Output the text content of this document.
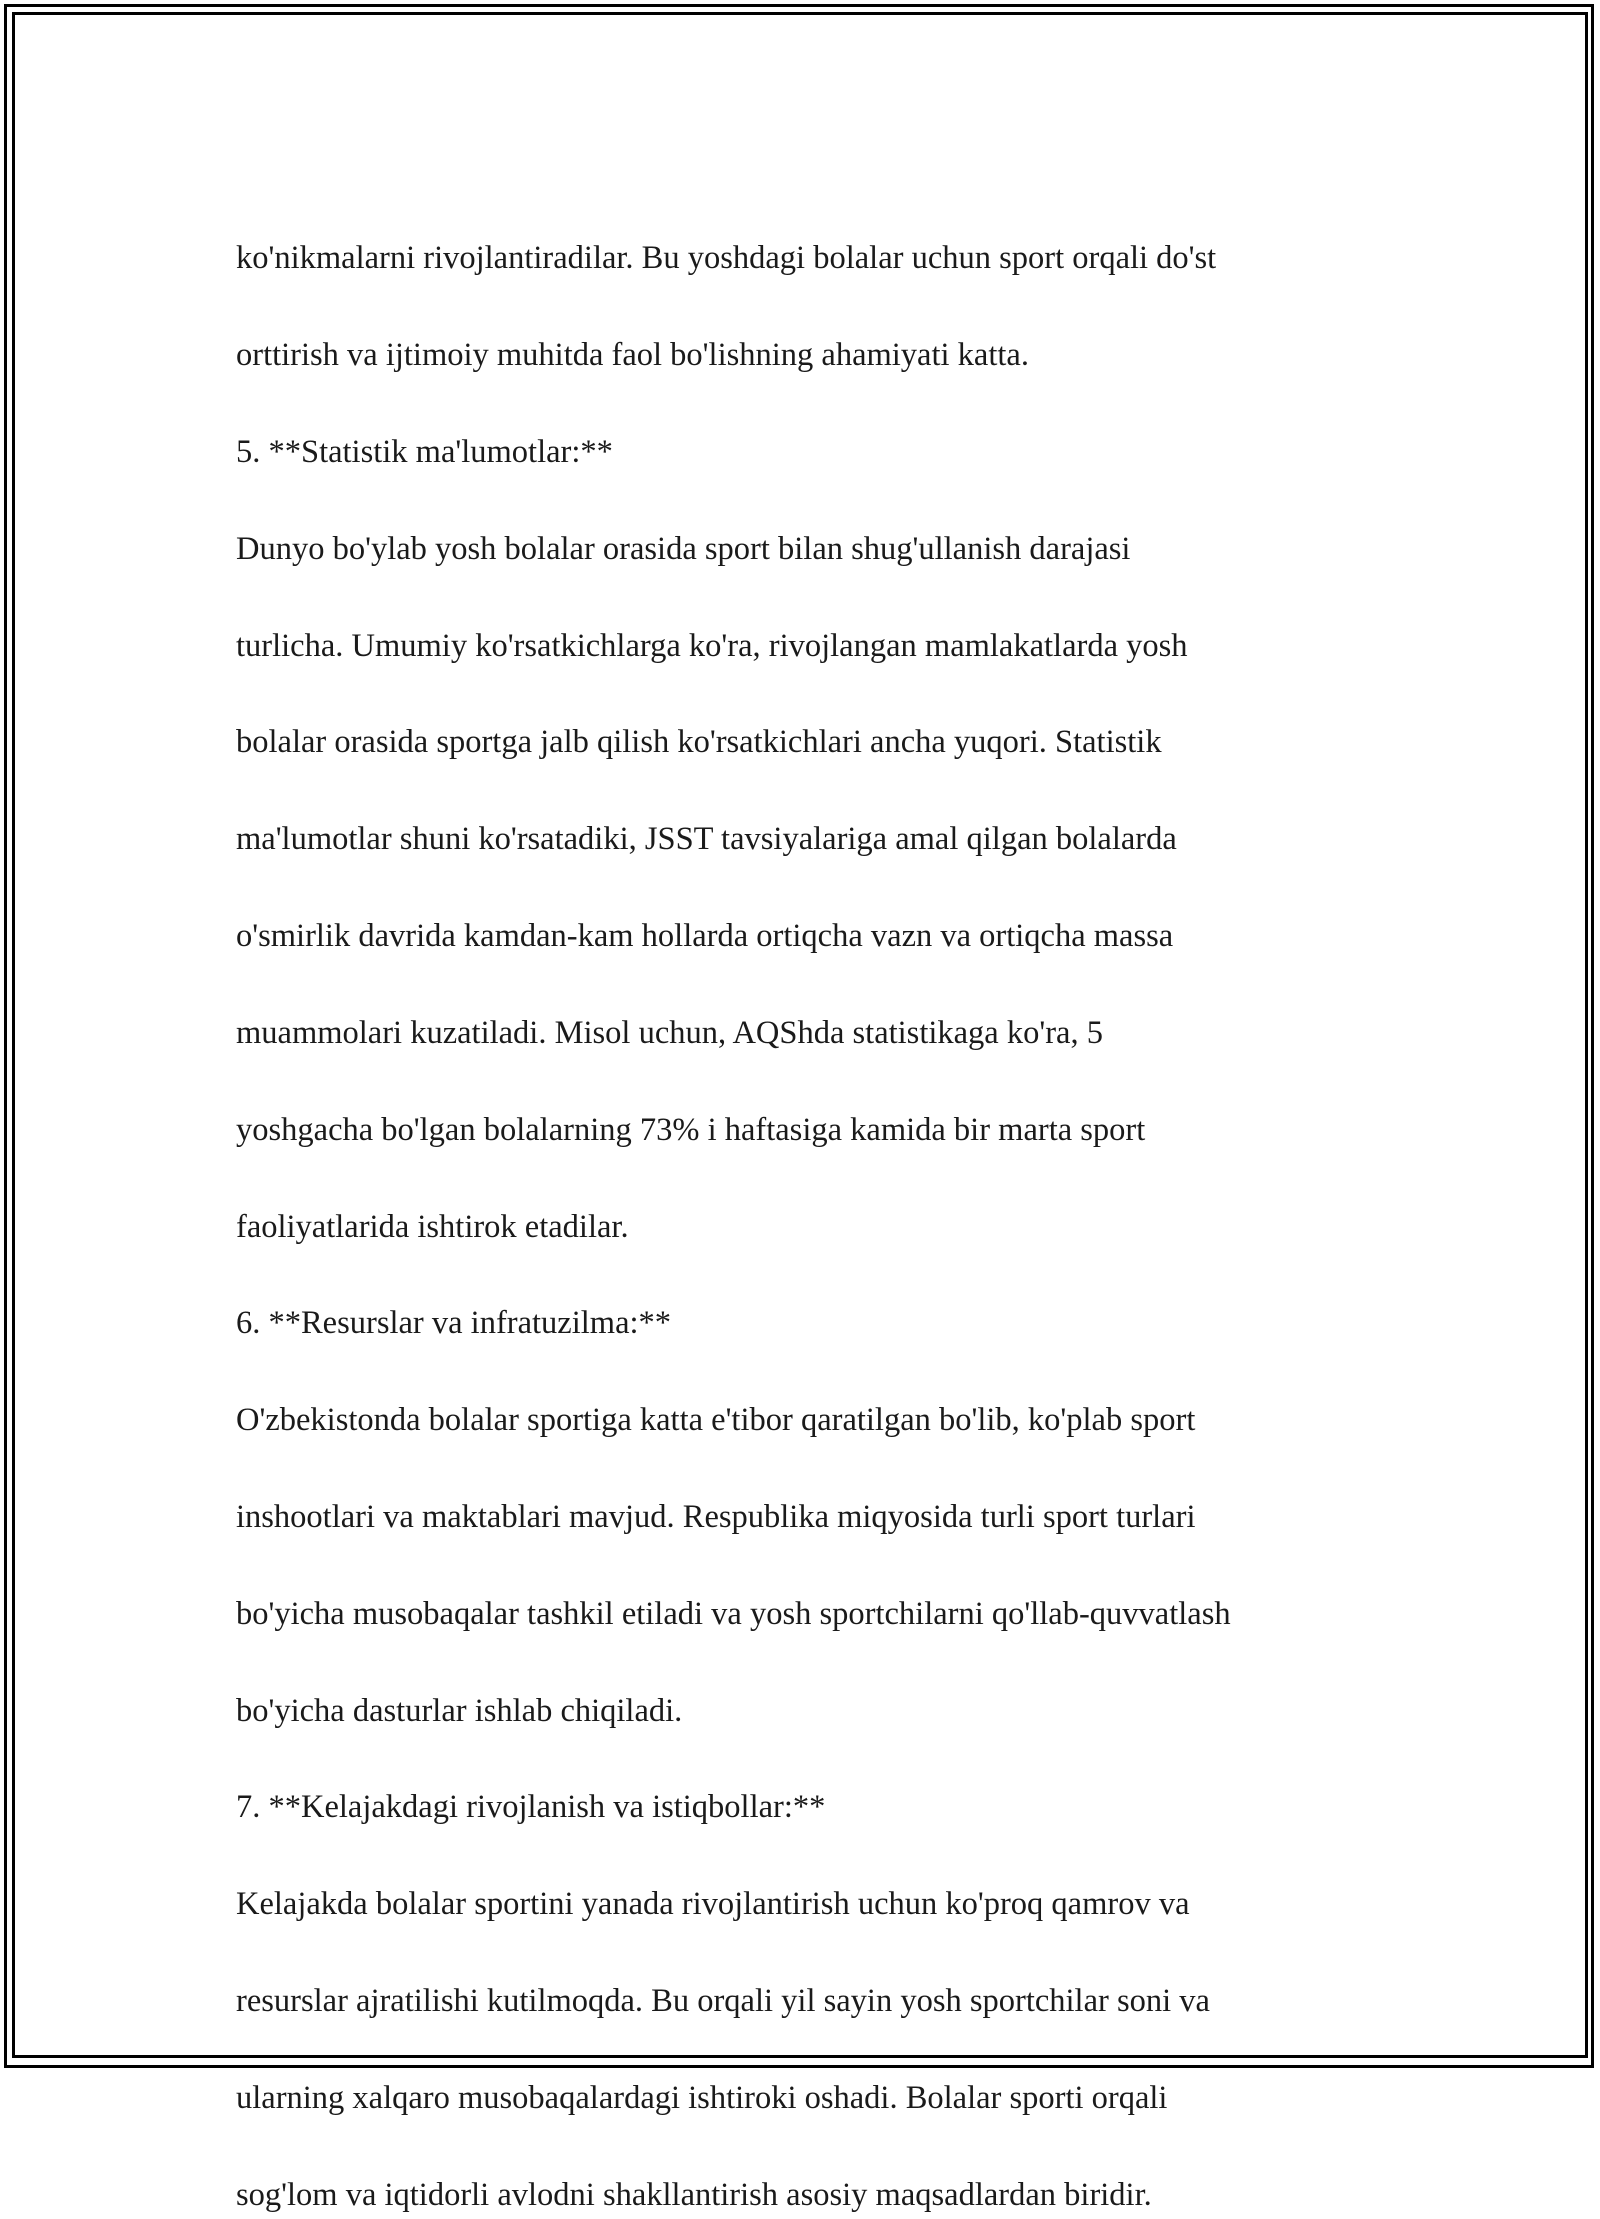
ko'nikmalarni rivojlantiradilar. Bu yoshdagi bolalar uchun sport orqali do'st

orttirish va ijtimoiy muhitda faol bo'lishning ahamiyati katta.

5. **Statistik ma'lumotlar:**

Dunyo bo'ylab yosh bolalar orasida sport bilan shug'ullanish darajasi

turlicha. Umumiy ko'rsatkichlarga ko'ra, rivojlangan mamlakatlarda yosh

bolalar orasida sportga jalb qilish ko'rsatkichlari ancha yuqori. Statistik

ma'lumotlar shuni ko'rsatadiki, JSST tavsiyalariga amal qilgan bolalarda

o'smirlik davrida kamdan-kam hollarda ortiqcha vazn va ortiqcha massa

muammolari kuzatiladi. Misol uchun, AQShda statistikaga ko'ra, 5

yoshgacha bo'lgan bolalarning 73% i haftasiga kamida bir marta sport

faoliyatlarida ishtirok etadilar.

6. **Resurslar va infratuzilma:**

O'zbekistonda bolalar sportiga katta e'tibor qaratilgan bo'lib, ko'plab sport

inshootlari va maktablari mavjud. Respublika miqyosida turli sport turlari

bo'yicha musobaqalar tashkil etiladi va yosh sportchilarni qo'llab-quvvatlash

bo'yicha dasturlar ishlab chiqiladi.

7. **Kelajakdagi rivojlanish va istiqbollar:**

Kelajakda bolalar sportini yanada rivojlantirish uchun ko'proq qamrov va

resurslar ajratilishi kutilmoqda. Bu orqali yil sayin yosh sportchilar soni va

ularning xalqaro musobaqalardagi ishtiroki oshadi. Bolalar sporti orqali

sog'lom va iqtidorli avlodni shakllantirish asosiy maqsadlardan biridir.
